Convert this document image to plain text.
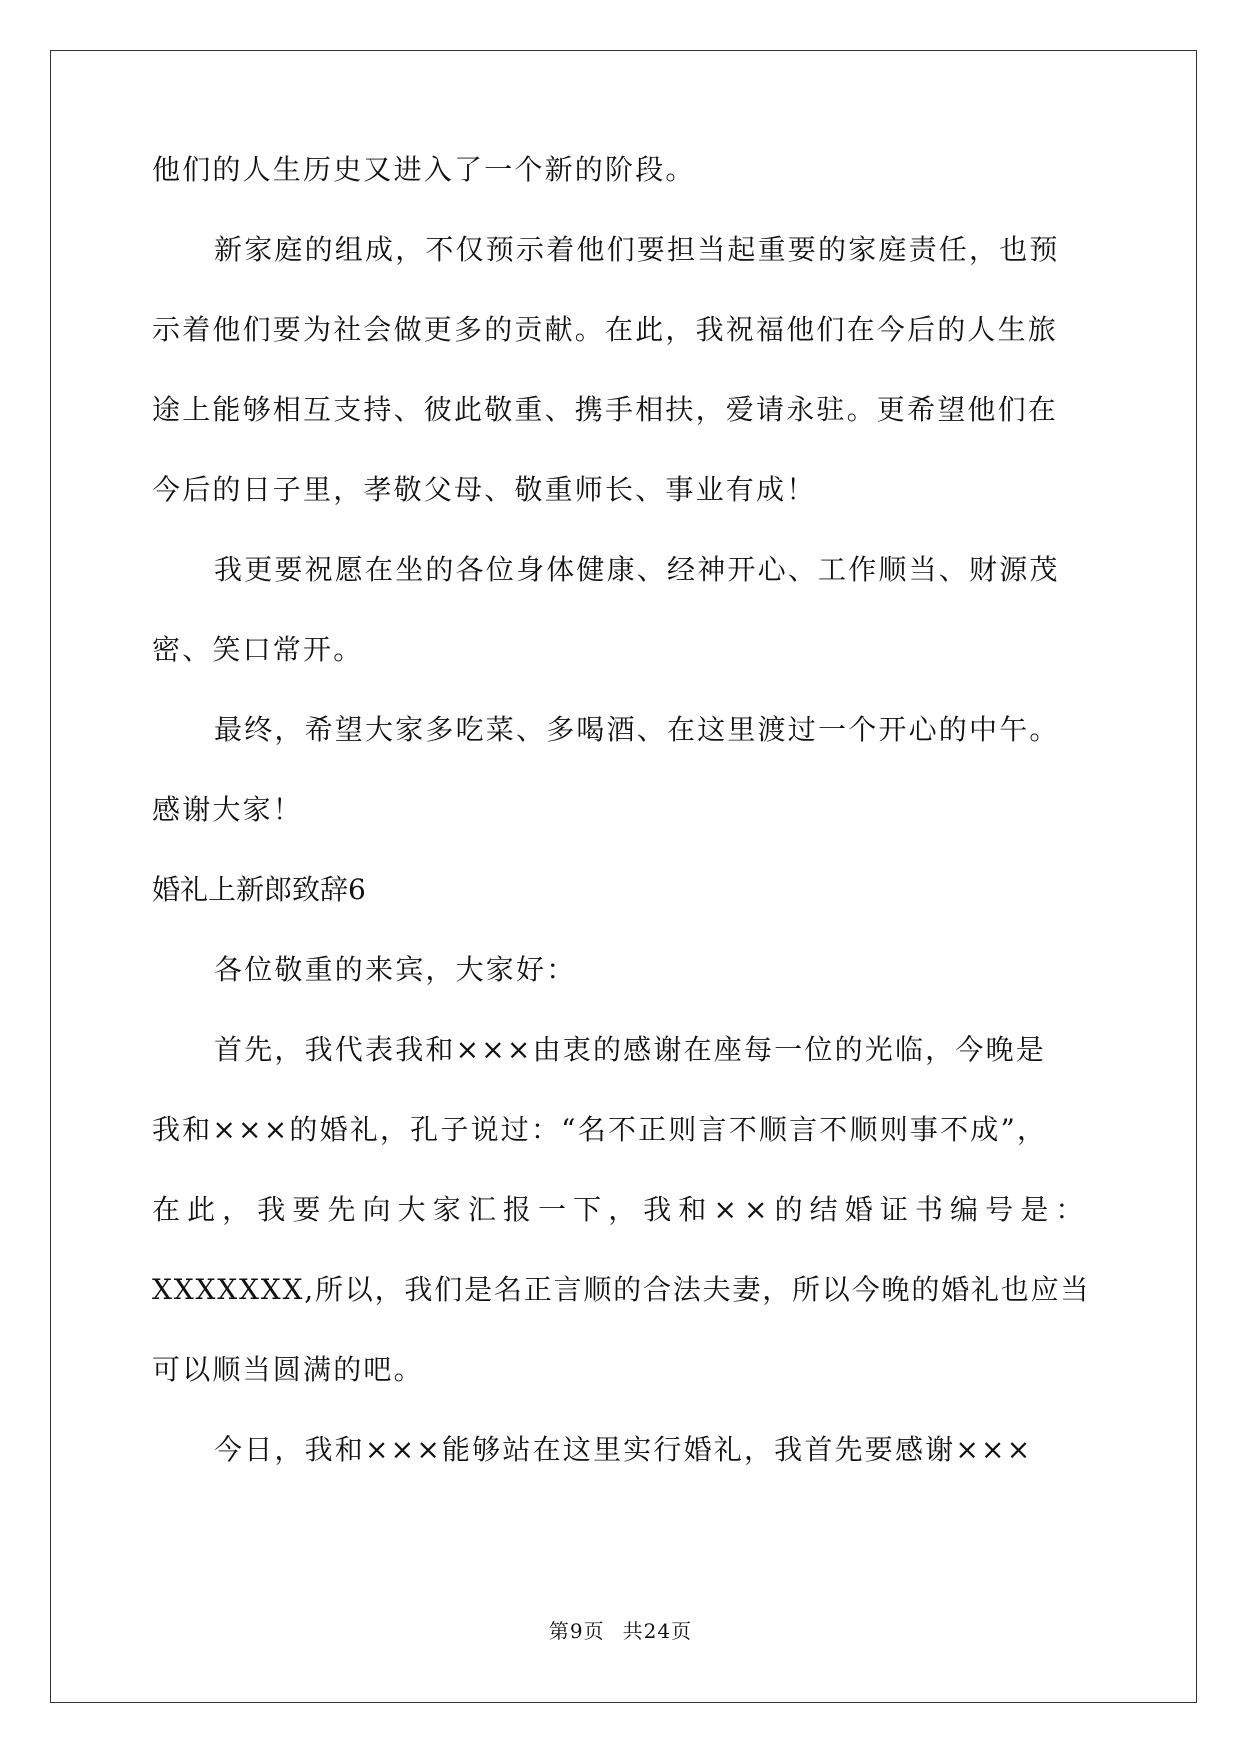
他们的人生历史又进入了一个新的阶段。
新家庭的组成，不仅预示着他们要担当起重要的家庭责任，也预
示着他们要为社会做更多的贡献。在此，我祝福他们在今后的人生旅
途上能够相互支持、彼此敬重、携手相扶，爱请永驻。更希望他们在
今后的日子里，孝敬父母、敬重师长、事业有成！
我更要祝愿在坐的各位身体健康、经神开心、工作顺当、财源茂
密、笑口常开。
最终，希望大家多吃菜、多喝酒、在这里渡过一个开心的中午。
感谢大家！
婚礼上新郎致辞6
各位敬重的来宾，大家好：
首先，我代表我和×××由衷的感谢在座每一位的光临，今晚是
我和×××的婚礼，孔子说过：“名不正则言不顺言不顺则事不成”，
在此，我要先向大家汇报一下，我和××的结婚证书编号是：
XXXXXXX,所以，我们是名正言顺的合法夫妻，所以今晚的婚礼也应当
可以顺当圆满的吧。
今日，我和×××能够站在这里实行婚礼，我首先要感谢×××
第9页 共24页
